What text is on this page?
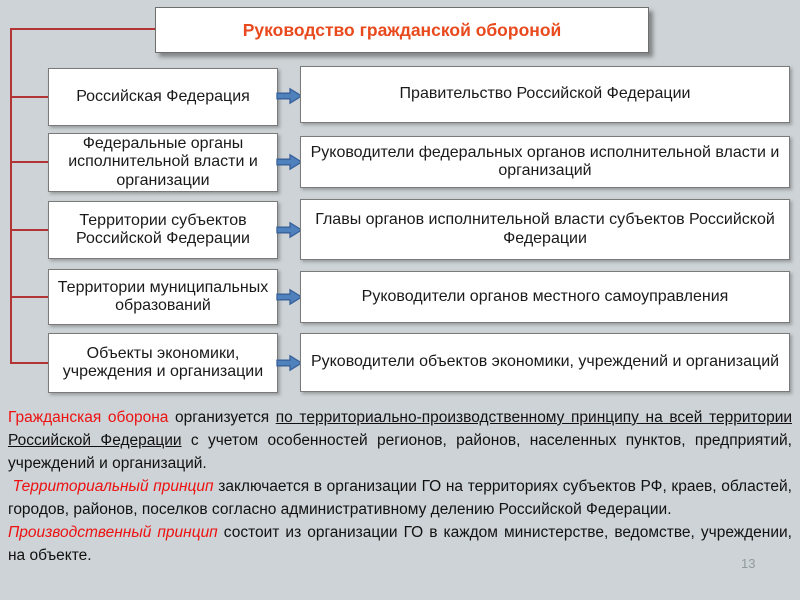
Руководство гражданской обороной
Российская Федерация
Федеральные органы исполнительной власти и организации
Территории субъектов Российской Федерации
Территории муниципальных образований
Объекты экономики, учреждения и организации
Правительство Российской Федерации
Руководители федеральных органов исполнительной власти и организаций
Главы органов исполнительной власти субъектов Российской Федерации
Руководители органов местного самоуправления
Руководители объектов экономики, учреждений и организаций
13

Гражданская оборона организуется по территориально-производственному принципу на всей территории Российской Федерации с учетом особенностей регионов, районов, населенных пунктов, предприятий, учреждений и организаций.

Территориальный принцип заключается в организации ГО на территориях субъектов РФ, краев, областей, городов, районов, поселков согласно административному делению Российской Федерации.

Производственный принцип состоит из организации ГО в каждом министерстве, ведомстве, учреждении, на объекте.
